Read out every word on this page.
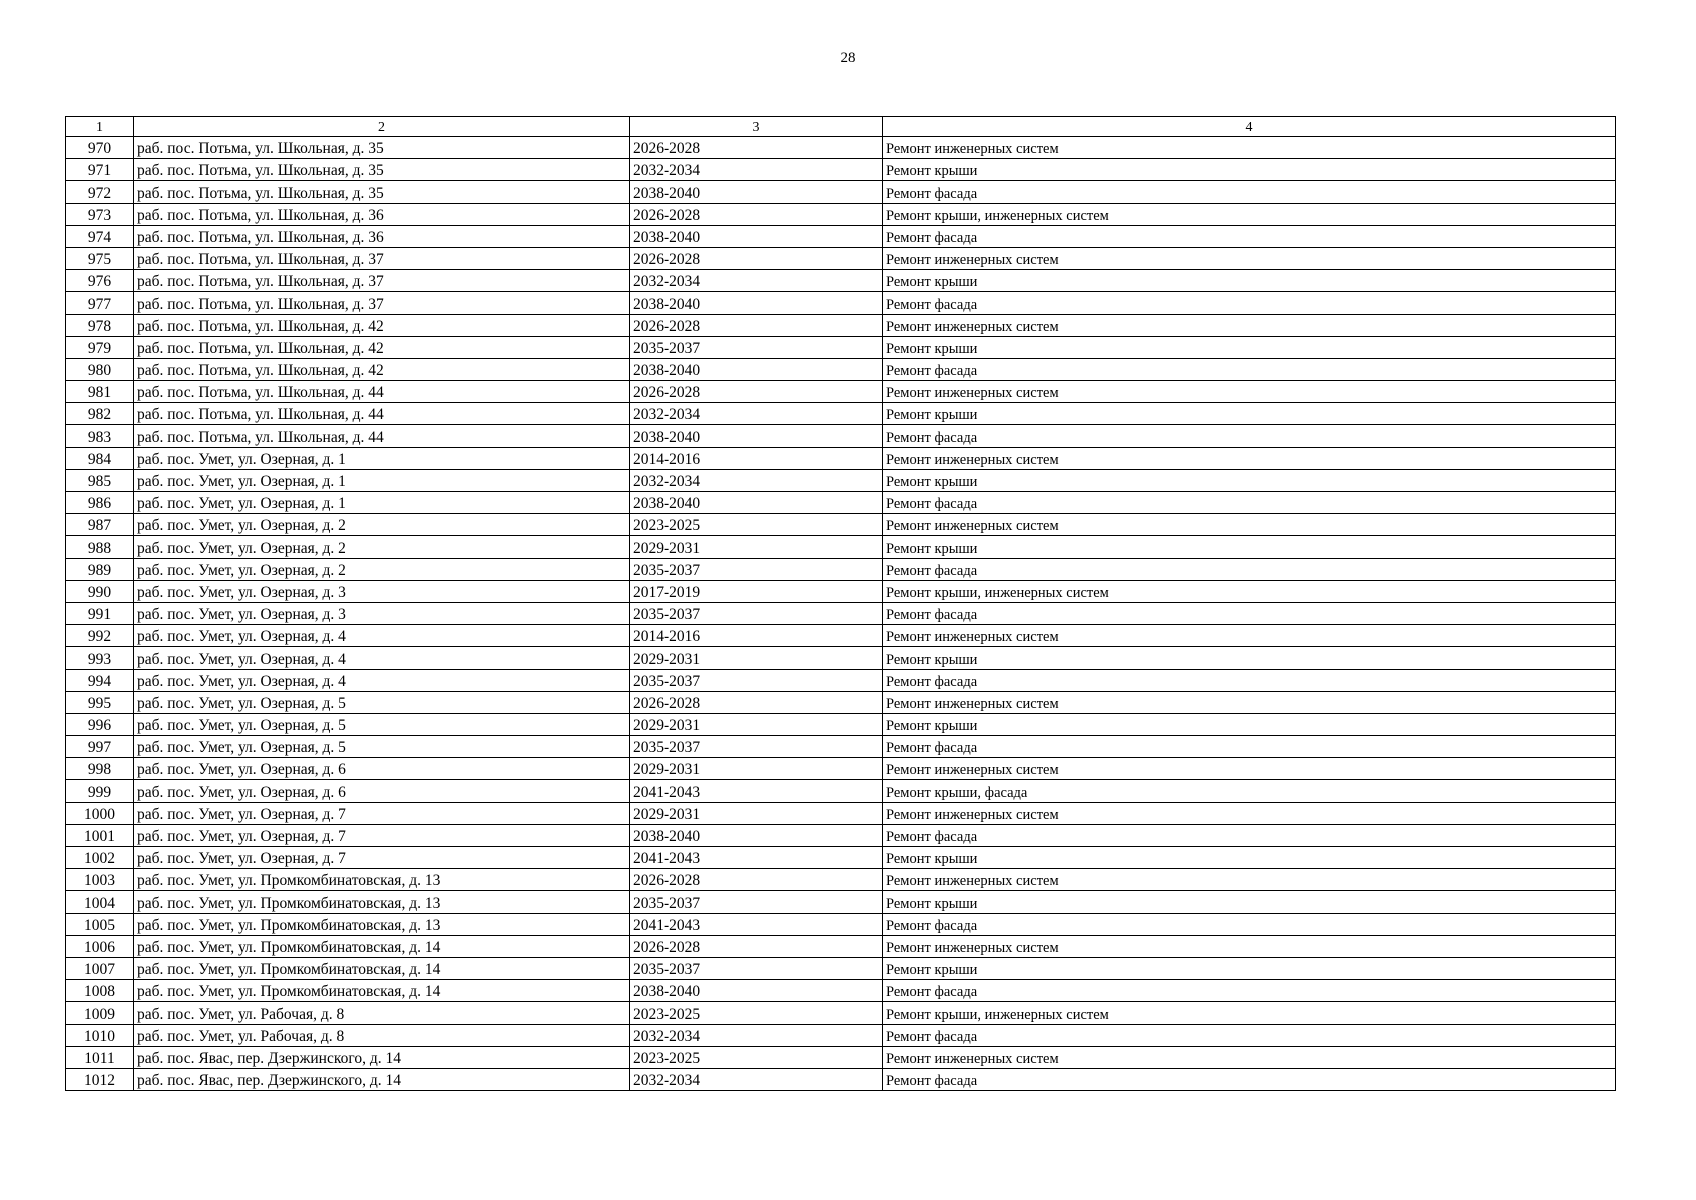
28
1	2	3	4
970	раб. пос. Потьма, ул. Школьная, д. 35	2026-2028	Ремонт инженерных систем
971	раб. пос. Потьма, ул. Школьная, д. 35	2032-2034	Ремонт крыши
972	раб. пос. Потьма, ул. Школьная, д. 35	2038-2040	Ремонт фасада
973	раб. пос. Потьма, ул. Школьная, д. 36	2026-2028	Ремонт крыши, инженерных систем
974	раб. пос. Потьма, ул. Школьная, д. 36	2038-2040	Ремонт фасада
975	раб. пос. Потьма, ул. Школьная, д. 37	2026-2028	Ремонт инженерных систем
976	раб. пос. Потьма, ул. Школьная, д. 37	2032-2034	Ремонт крыши
977	раб. пос. Потьма, ул. Школьная, д. 37	2038-2040	Ремонт фасада
978	раб. пос. Потьма, ул. Школьная, д. 42	2026-2028	Ремонт инженерных систем
979	раб. пос. Потьма, ул. Школьная, д. 42	2035-2037	Ремонт крыши
980	раб. пос. Потьма, ул. Школьная, д. 42	2038-2040	Ремонт фасада
981	раб. пос. Потьма, ул. Школьная, д. 44	2026-2028	Ремонт инженерных систем
982	раб. пос. Потьма, ул. Школьная, д. 44	2032-2034	Ремонт крыши
983	раб. пос. Потьма, ул. Школьная, д. 44	2038-2040	Ремонт фасада
984	раб. пос. Умет, ул. Озерная, д. 1	2014-2016	Ремонт инженерных систем
985	раб. пос. Умет, ул. Озерная, д. 1	2032-2034	Ремонт крыши
986	раб. пос. Умет, ул. Озерная, д. 1	2038-2040	Ремонт фасада
987	раб. пос. Умет, ул. Озерная, д. 2	2023-2025	Ремонт инженерных систем
988	раб. пос. Умет, ул. Озерная, д. 2	2029-2031	Ремонт крыши
989	раб. пос. Умет, ул. Озерная, д. 2	2035-2037	Ремонт фасада
990	раб. пос. Умет, ул. Озерная, д. 3	2017-2019	Ремонт крыши, инженерных систем
991	раб. пос. Умет, ул. Озерная, д. 3	2035-2037	Ремонт фасада
992	раб. пос. Умет, ул. Озерная, д. 4	2014-2016	Ремонт инженерных систем
993	раб. пос. Умет, ул. Озерная, д. 4	2029-2031	Ремонт крыши
994	раб. пос. Умет, ул. Озерная, д. 4	2035-2037	Ремонт фасада
995	раб. пос. Умет, ул. Озерная, д. 5	2026-2028	Ремонт инженерных систем
996	раб. пос. Умет, ул. Озерная, д. 5	2029-2031	Ремонт крыши
997	раб. пос. Умет, ул. Озерная, д. 5	2035-2037	Ремонт фасада
998	раб. пос. Умет, ул. Озерная, д. 6	2029-2031	Ремонт инженерных систем
999	раб. пос. Умет, ул. Озерная, д. 6	2041-2043	Ремонт крыши, фасада
1000	раб. пос. Умет, ул. Озерная, д. 7	2029-2031	Ремонт инженерных систем
1001	раб. пос. Умет, ул. Озерная, д. 7	2038-2040	Ремонт фасада
1002	раб. пос. Умет, ул. Озерная, д. 7	2041-2043	Ремонт крыши
1003	раб. пос. Умет, ул. Промкомбинатовская, д. 13	2026-2028	Ремонт инженерных систем
1004	раб. пос. Умет, ул. Промкомбинатовская, д. 13	2035-2037	Ремонт крыши
1005	раб. пос. Умет, ул. Промкомбинатовская, д. 13	2041-2043	Ремонт фасада
1006	раб. пос. Умет, ул. Промкомбинатовская, д. 14	2026-2028	Ремонт инженерных систем
1007	раб. пос. Умет, ул. Промкомбинатовская, д. 14	2035-2037	Ремонт крыши
1008	раб. пос. Умет, ул. Промкомбинатовская, д. 14	2038-2040	Ремонт фасада
1009	раб. пос. Умет, ул. Рабочая, д. 8	2023-2025	Ремонт крыши, инженерных систем
1010	раб. пос. Умет, ул. Рабочая, д. 8	2032-2034	Ремонт фасада
1011	раб. пос. Явас, пер. Дзержинского, д. 14	2023-2025	Ремонт инженерных систем
1012	раб. пос. Явас, пер. Дзержинского, д. 14	2032-2034	Ремонт фасада
